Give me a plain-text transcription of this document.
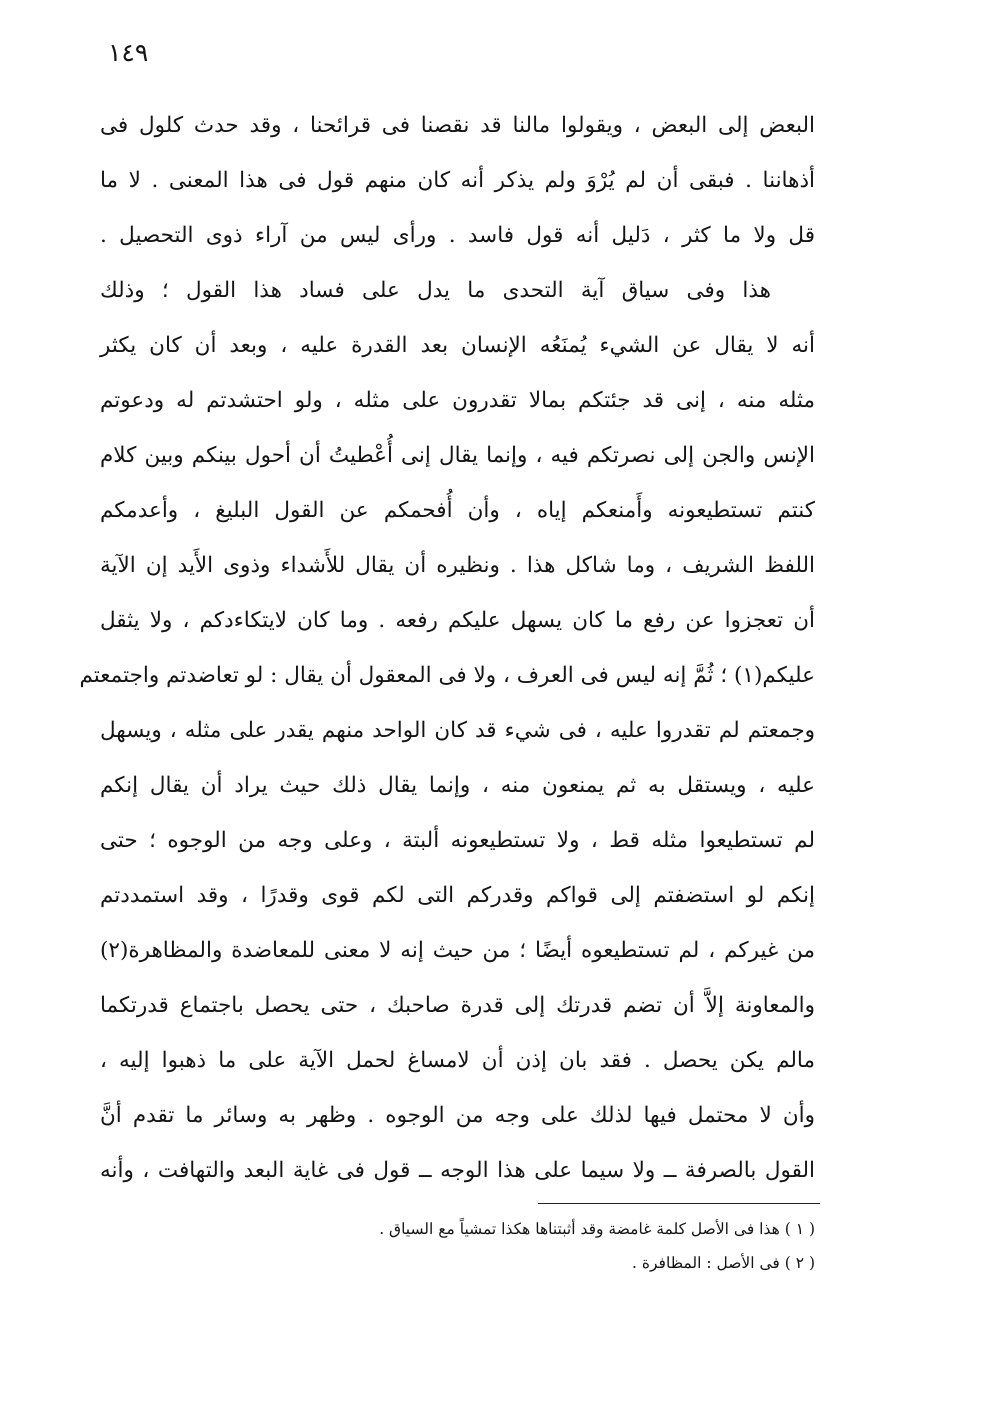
١٤٩
البعض إلى البعض ، ويقولوا مالنا قد نقصنا فى قرائحنا ، وقد حدث كلول فى
أذهاننا . فبقى أن لم يُرْوَ ولم يذكر أنه كان منهم قول فى هذا المعنى . لا ما
قل ولا ما كثر ، دَليل أنه قول فاسد . ورأى ليس من آراء ذوى التحصيل .
هذا وفى سياق آية التحدى ما يدل على فساد هذا القول ؛ وذلك
أنه لا يقال عن الشيء يُمنَعُه الإنسان بعد القدرة عليه ، وبعد أن كان يكثر
مثله منه ، إنى قد جئتكم بمالا تقدرون على مثله ، ولو احتشدتم له ودعوتم
الإنس والجن إلى نصرتكم فيه ، وإنما يقال إنى أُعْطيتُ أن أحول بينكم وبين كلام
كنتم تستطيعونه وأَمنعكم إياه ، وأن أُفحمكم عن القول البليغ ، وأعدمكم
اللفظ الشريف ، وما شاكل هذا . ونظيره أن يقال للأَشداء وذوى الأَيد إن الآية
أن تعجزوا عن رفع ما كان يسهل عليكم رفعه . وما كان لايتكاءدكم ، ولا يثقل
عليكم(١) ؛ ثُمَّ إنه ليس فى العرف ، ولا فى المعقول أن يقال : لو تعاضدتم واجتمعتم
وجمعتم لم تقدروا عليه ، فى شيء قد كان الواحد منهم يقدر على مثله ، ويسهل
عليه ، ويستقل به ثم يمنعون منه ، وإنما يقال ذلك حيث يراد أن يقال إنكم
لم تستطيعوا مثله قط ، ولا تستطيعونه ألبتة ، وعلى وجه من الوجوه ؛ حتى
إنكم لو استضفتم إلى قواكم وقدركم التى لكم قوى وقدرًا ، وقد استمددتم
من غيركم ، لم تستطيعوه أيضًا ؛ من حيث إنه لا معنى للمعاضدة والمظاهرة(٢)
والمعاونة إلاَّ أن تضم قدرتك إلى قدرة صاحبك ، حتى يحصل باجتماع قدرتكما
مالم يكن يحصل . فقد بان إذن أن لامساغ لحمل الآية على ما ذهبوا إليه ،
وأن لا محتمل فيها لذلك على وجه من الوجوه . وظهر به وسائر ما تقدم أنَّ
القول بالصرفة ــ ولا سيما على هذا الوجه ــ قول فى غاية البعد والتهافت ، وأنه
( ١ ) هذا فى الأصل كلمة غامضة وقد أثبتناها هكذا تمشياً مع السياق .
( ٢ ) فى الأصل : المظافرة .
